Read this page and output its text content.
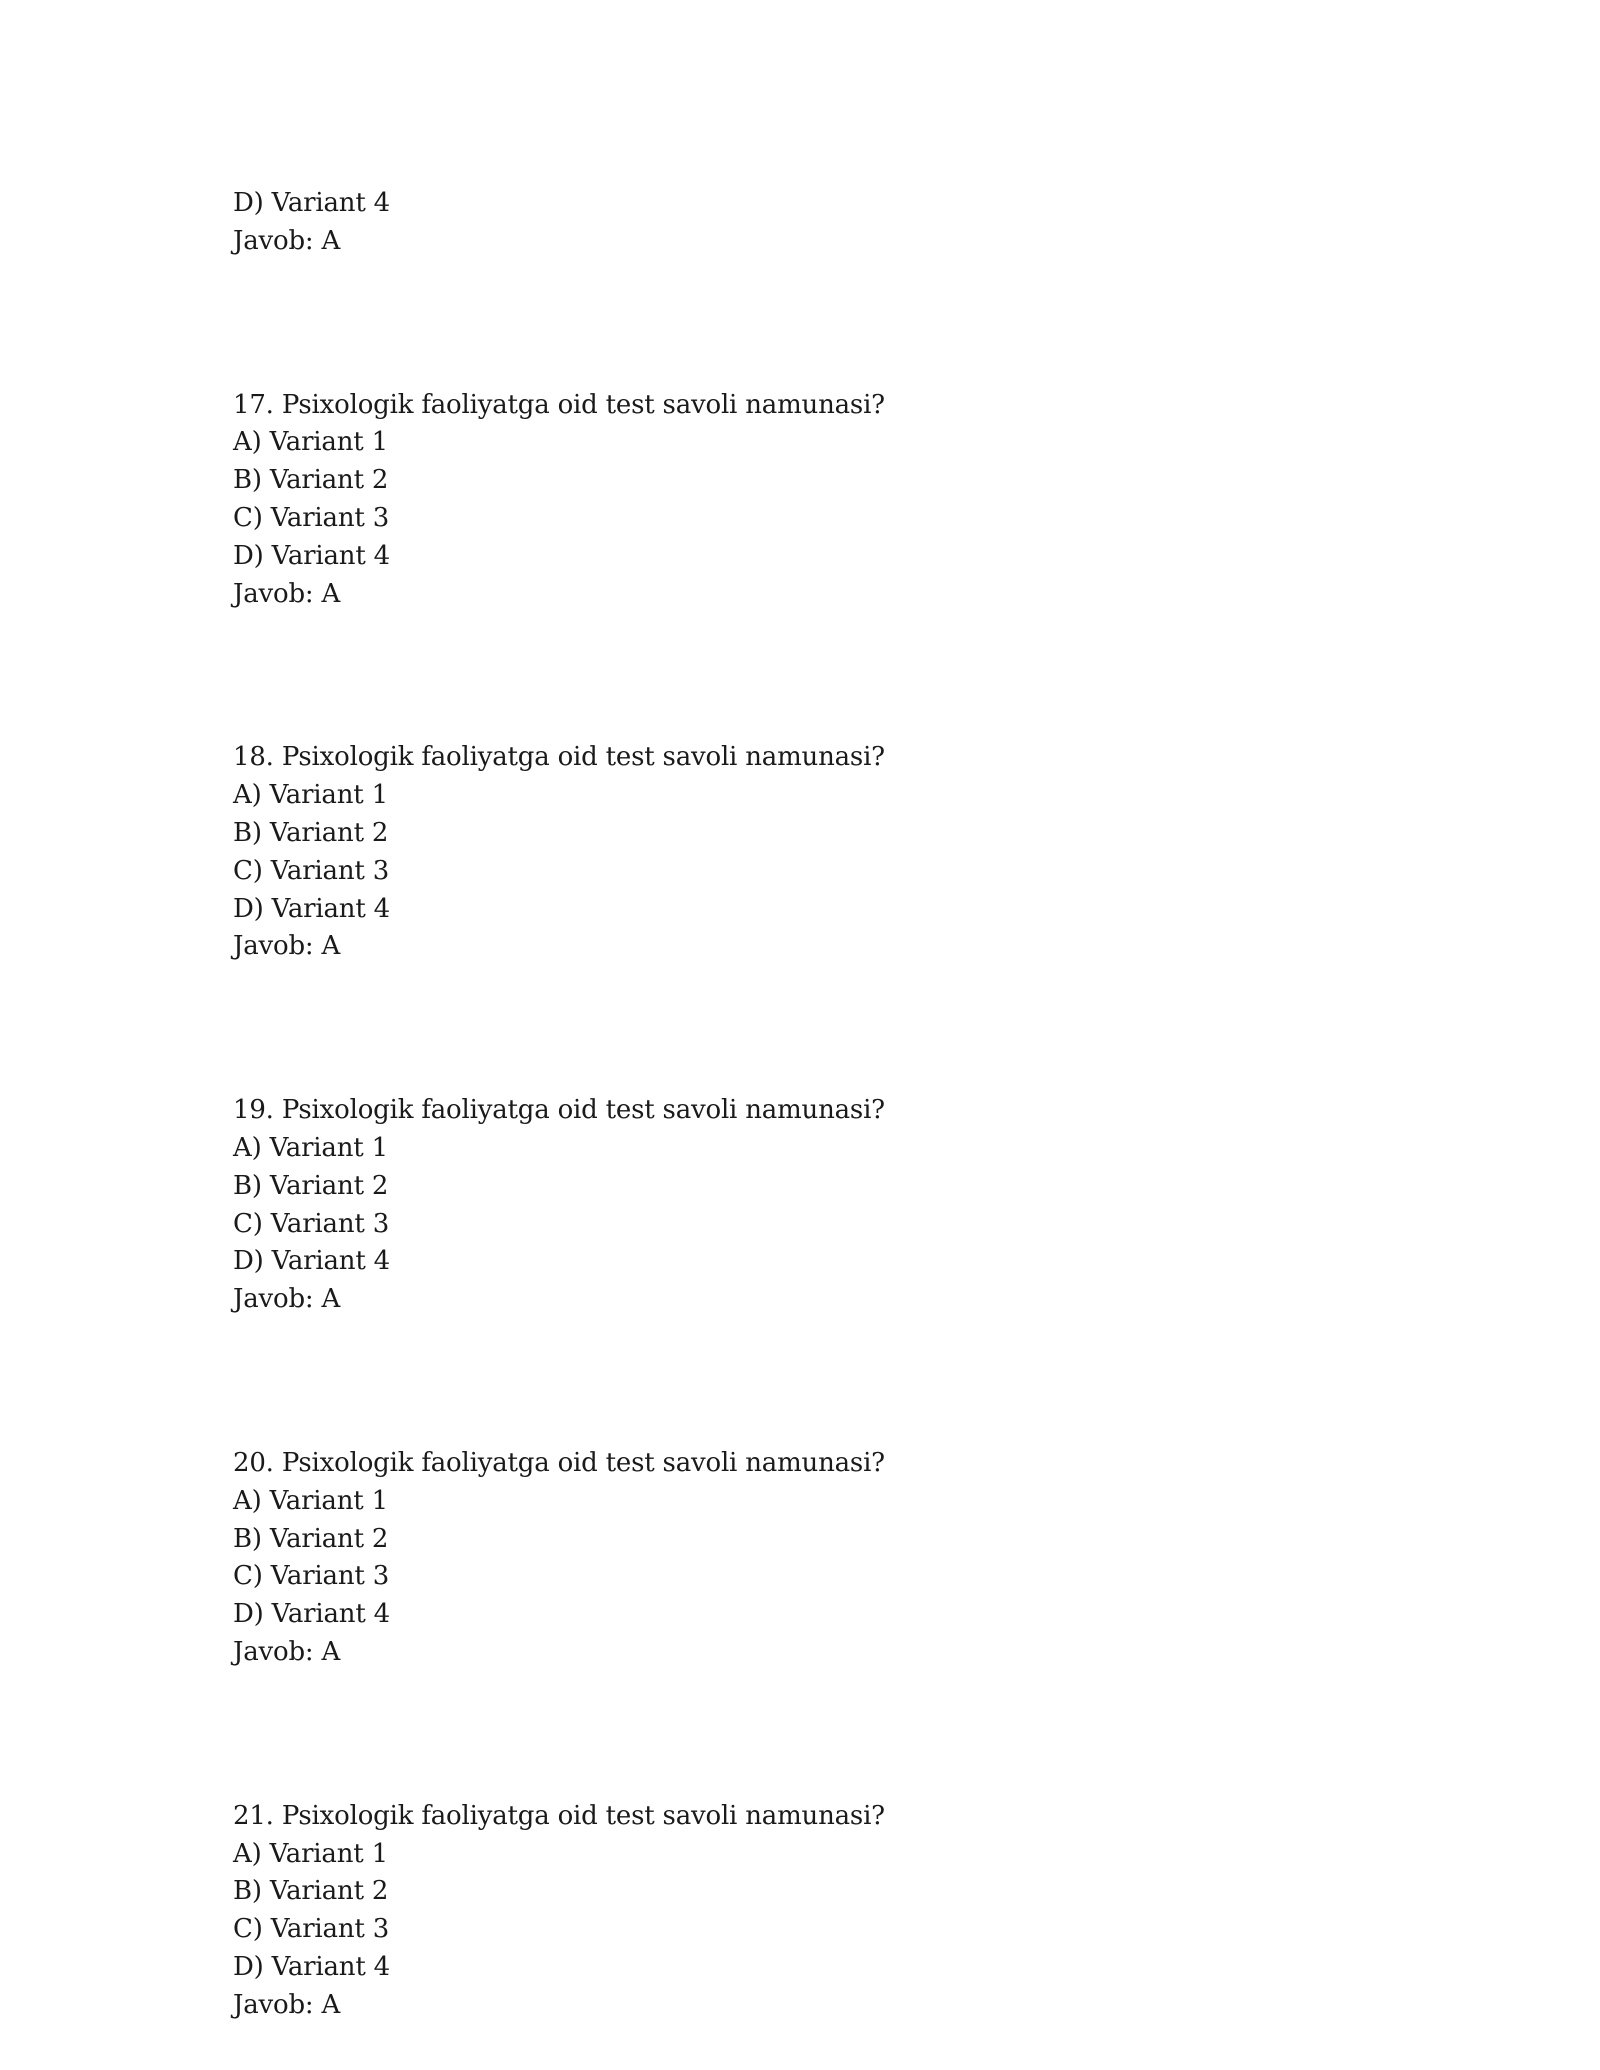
D) Variant 4
Javob: A
17. Psixologik faoliyatga oid test savoli namunasi?
A) Variant 1
B) Variant 2
C) Variant 3
D) Variant 4
Javob: A
18. Psixologik faoliyatga oid test savoli namunasi?
A) Variant 1
B) Variant 2
C) Variant 3
D) Variant 4
Javob: A
19. Psixologik faoliyatga oid test savoli namunasi?
A) Variant 1
B) Variant 2
C) Variant 3
D) Variant 4
Javob: A
20. Psixologik faoliyatga oid test savoli namunasi?
A) Variant 1
B) Variant 2
C) Variant 3
D) Variant 4
Javob: A
21. Psixologik faoliyatga oid test savoli namunasi?
A) Variant 1
B) Variant 2
C) Variant 3
D) Variant 4
Javob: A
